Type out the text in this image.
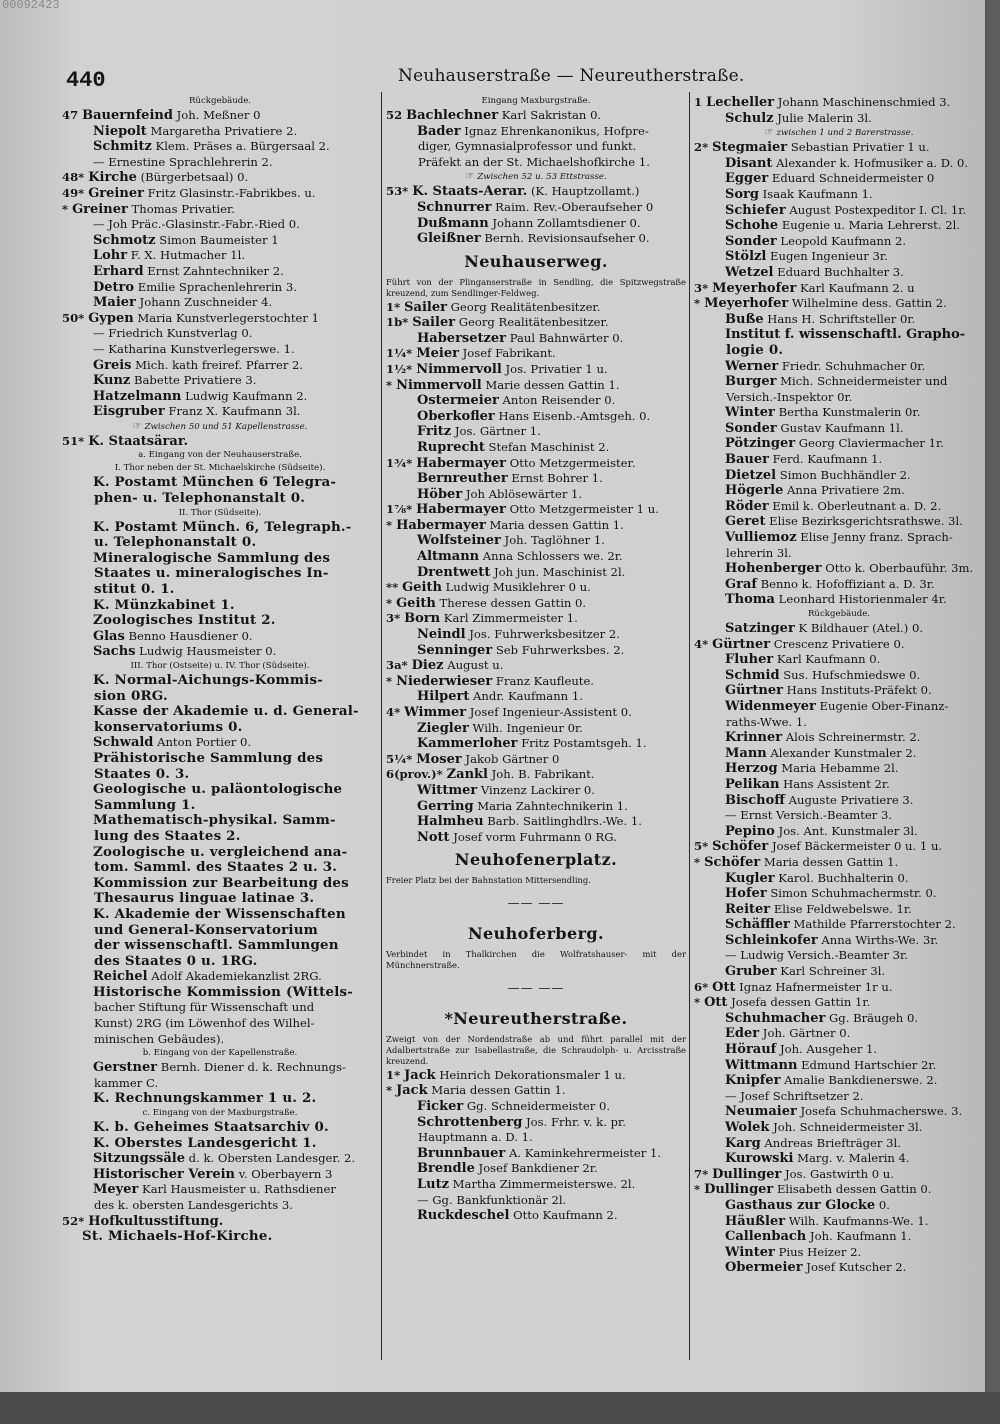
00092423
440	Neuhauserstraße — Neureutherstraße.
Rückgebäude.
47 Bauernfeind Joh. Meßner 0
Niepolt Margaretha Privatiere 2.
Schmitz Klem. Präses a. Bürgersaal 2.
— Ernestine Sprachlehrerin 2.
48* Kirche (Bürgerbetsaal) 0.
49* Greiner Fritz Glasinstr.-Fabrikbes. u.
* Greiner Thomas Privatier.
— Joh Präc.-Glasinstr.-Fabr.-Ried 0.
Schmotz Simon Baumeister 1
Lohr F. X. Hutmacher 1l.
Erhard Ernst Zahntechniker 2.
Detro Emilie Sprachenlehrerin 3.
Maier Johann Zuschneider 4.
50* Gypen Maria Kunstverlegerstochter 1
— Friedrich Kunstverlag 0.
— Katharina Kunstverlegerswe. 1.
Greis Mich. kath freiref. Pfarrer 2.
Kunz Babette Privatiere 3.
Hatzelmann Ludwig Kaufmann 2.
Eisgruber Franz X. Kaufmann 3l.
☞ Zwischen 50 und 51 Kapellenstrasse.
51* K. Staatsärar.
a. Eingang von der Neuhauserstraße.
I. Thor neben der St. Michaelskirche (Südseite).
K. Postamt München 6 Telegra-
phen- u. Telephonanstalt 0.
II. Thor (Südseite).
K. Postamt Münch. 6, Telegraph.-
u. Telephonanstalt 0.
Mineralogische Sammlung des
Staates u. mineralogisches In-
stitut 0. 1.
K. Münzkabinet 1.
Zoologisches Institut 2.
Glas Benno Hausdiener 0.
Sachs Ludwig Hausmeister 0.
III. Thor (Ostseite) u. IV. Thor (Südseite).
K. Normal-Aichungs-Kommis-
sion 0RG.
Kasse der Akademie u. d. General-
konservatoriums 0.
Schwald Anton Portier 0.
Prähistorische Sammlung des
Staates 0. 3.
Geologische u. paläontologische
Sammlung 1.
Mathematisch-physikal. Samm-
lung des Staates 2.
Zoologische u. vergleichend ana-
tom. Samml. des Staates 2 u. 3.
Kommission zur Bearbeitung des
Thesaurus linguae latinae 3.
K. Akademie der Wissenschaften
und General-Konservatorium
der wissenschaftl. Sammlungen
des Staates 0 u. 1RG.
Reichel Adolf Akademiekanzlist 2RG.
Historische Kommission (Wittels-
bacher Stiftung für Wissenschaft und
Kunst) 2RG (im Löwenhof des Wilhel-
minischen Gebäudes).
b. Eingang von der Kapellenstraße.
Gerstner Bernh. Diener d. k. Rechnungs-
kammer C.
K. Rechnungskammer 1 u. 2.
c. Eingang von der Maxburgstraße.
K. b. Geheimes Staatsarchiv 0.
K. Oberstes Landesgericht 1.
Sitzungssäle d. k. Obersten Landesger. 2.
Historischer Verein v. Oberbayern 3
Meyer Karl Hausmeister u. Rathsdiener
des k. obersten Landesgerichts 3.
52* Hofkultusstiftung.
St. Michaels-Hof-Kirche.
Eingang Maxburgstraße.
52 Bachlechner Karl Sakristan 0.
Bader Ignaz Ehrenkanonikus, Hofpre-
diger, Gymnasialprofessor und funkt.
Präfekt an der St. Michaelshofkirche 1.
☞ Zwischen 52 u. 53 Ettstrasse.
53* K. Staats-Aerar. (K. Hauptzollamt.)
Schnurrer Raim. Rev.-Oberaufseher 0
Dußmann Johann Zollamtsdiener 0.
Gleißner Bernh. Revisionsaufseher 0.
Neuhauserweg.
Führt von der Plinganserstraße in Sendling, die Spitzwegstraße kreuzend, zum Sendlinger-Feldweg.
1* Sailer Georg Realitätenbesitzer.
1b* Sailer Georg Realitätenbesitzer.
Habersetzer Paul Bahnwärter 0.
1¼* Meier Josef Fabrikant.
1½* Nimmervoll Jos. Privatier 1 u.
* Nimmervoll Marie dessen Gattin 1.
Ostermeier Anton Reisender 0.
Oberkofler Hans Eisenb.-Amtsgeh. 0.
Fritz Jos. Gärtner 1.
Ruprecht Stefan Maschinist 2.
1¾* Habermayer Otto Metzgermeister.
Bernreuther Ernst Bohrer 1.
Höber Joh Ablösewärter 1.
1⅞* Habermayer Otto Metzgermeister 1 u.
* Habermayer Maria dessen Gattin 1.
Wolfsteiner Joh. Taglöhner 1.
Altmann Anna Schlossers we. 2r.
Drentwett Joh jun. Maschinist 2l.
** Geith Ludwig Musiklehrer 0 u.
* Geith Therese dessen Gattin 0.
3* Born Karl Zimmermeister 1.
Neindl Jos. Fuhrwerksbesitzer 2.
Senninger Seb Fuhrwerksbes. 2.
3a* Diez August u.
* Niederwieser Franz Kaufleute.
Hilpert Andr. Kaufmann 1.
4* Wimmer Josef Ingenieur-Assistent 0.
Ziegler Wilh. Ingenieur 0r.
Kammerloher Fritz Postamtsgeh. 1.
5¼* Moser Jakob Gärtner 0
6(prov.)* Zankl Joh. B. Fabrikant.
Wittmer Vinzenz Lackirer 0.
Gerring Maria Zahntechnikerin 1.
Halmheu Barb. Saitlinghdlrs.-We. 1.
Nott Josef vorm Fuhrmann 0 RG.
Neuhofenerplatz.
Freier Platz bei der Bahnstation Mittersendling.
—— ——
Neuhoferberg.
Verbindet in Thalkirchen die Wolfratshauser- mit der Münchnerstraße.
—— ——
*Neureutherstraße.
Zweigt von der Nordendstraße ab und führt parallel mit der Adalbertstraße zur Isabellastraße, die Schraudolph- u. Arcisstraße kreuzend.
1* Jack Heinrich Dekorationsmaler 1 u.
* Jack Maria dessen Gattin 1.
Ficker Gg. Schneidermeister 0.
Schrottenberg Jos. Frhr. v. k. pr.
Hauptmann a. D. 1.
Brunnbauer A. Kaminkehrermeister 1.
Brendle Josef Bankdiener 2r.
Lutz Martha Zimmermeisterswe. 2l.
— Gg. Bankfunktionär 2l.
Ruckdeschel Otto Kaufmann 2.
1 Lecheller Johann Maschinenschmied 3.
Schulz Julie Malerin 3l.
☞ zwischen 1 und 2 Barerstrasse.
2* Stegmaier Sebastian Privatier 1 u.
Disant Alexander k. Hofmusiker a. D. 0.
Egger Eduard Schneidermeister 0
Sorg Isaak Kaufmann 1.
Schiefer August Postexpeditor I. Cl. 1r.
Schohe Eugenie u. Maria Lehrerst. 2l.
Sonder Leopold Kaufmann 2.
Stölzl Eugen Ingenieur 3r.
Wetzel Eduard Buchhalter 3.
3* Meyerhofer Karl Kaufmann 2. u
* Meyerhofer Wilhelmine dess. Gattin 2.
Buße Hans H. Schriftsteller 0r.
Institut f. wissenschaftl. Grapho-
logie 0.
Werner Friedr. Schuhmacher 0r.
Burger Mich. Schneidermeister und
Versich.-Inspektor 0r.
Winter Bertha Kunstmalerin 0r.
Sonder Gustav Kaufmann 1l.
Pötzinger Georg Claviermacher 1r.
Bauer Ferd. Kaufmann 1.
Dietzel Simon Buchhändler 2.
Högerle Anna Privatiere 2m.
Röder Emil k. Oberleutnant a. D. 2.
Geret Elise Bezirksgerichtsrathswe. 3l.
Vulliemoz Elise Jenny franz. Sprach-
lehrerin 3l.
Hohenberger Otto k. Oberbauführ. 3m.
Graf Benno k. Hofoffiziant a. D. 3r.
Thoma Leonhard Historienmaler 4r.
Rückgebäude.
Satzinger K Bildhauer (Atel.) 0.
4* Gürtner Crescenz Privatiere 0.
Fluher Karl Kaufmann 0.
Schmid Sus. Hufschmiedswe 0.
Gürtner Hans Instituts-Präfekt 0.
Widenmeyer Eugenie Ober-Finanz-
raths-Wwe. 1.
Krinner Alois Schreinermstr. 2.
Mann Alexander Kunstmaler 2.
Herzog Maria Hebamme 2l.
Pelikan Hans Assistent 2r.
Bischoff Auguste Privatiere 3.
— Ernst Versich.-Beamter 3.
Pepino Jos. Ant. Kunstmaler 3l.
5* Schöfer Josef Bäckermeister 0 u. 1 u.
* Schöfer Maria dessen Gattin 1.
Kugler Karol. Buchhalterin 0.
Hofer Simon Schuhmachermstr. 0.
Reiter Elise Feldwebelswe. 1r.
Schäffler Mathilde Pfarrerstochter 2.
Schleinkofer Anna Wirths-We. 3r.
— Ludwig Versich.-Beamter 3r.
Gruber Karl Schreiner 3l.
6* Ott Ignaz Hafnermeister 1r u.
* Ott Josefa dessen Gattin 1r.
Schuhmacher Gg. Bräugeh 0.
Eder Joh. Gärtner 0.
Hörauf Joh. Ausgeher 1.
Wittmann Edmund Hartschier 2r.
Knipfer Amalie Bankdienerswe. 2.
— Josef Schriftsetzer 2.
Neumaier Josefa Schuhmacherswe. 3.
Wolek Joh. Schneidermeister 3l.
Karg Andreas Briefträger 3l.
Kurowski Marg. v. Malerin 4.
7* Dullinger Jos. Gastwirth 0 u.
* Dullinger Elisabeth dessen Gattin 0.
Gasthaus zur Glocke 0.
Häußler Wilh. Kaufmanns-We. 1.
Callenbach Joh. Kaufmann 1.
Winter Pius Heizer 2.
Obermeier Josef Kutscher 2.
